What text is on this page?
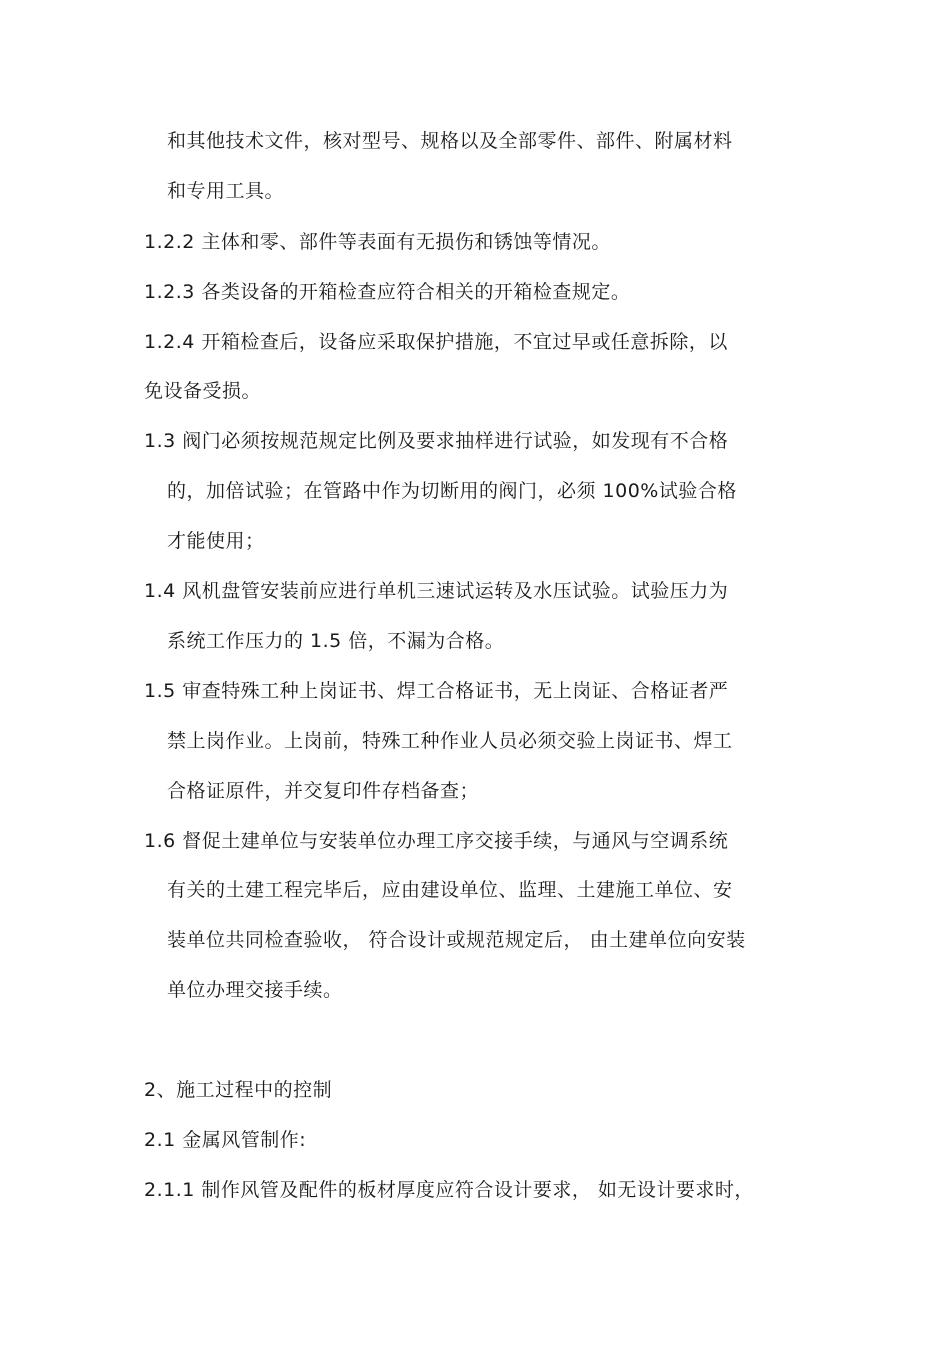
和其他技术文件，核对型号、规格以及全部零件、部件、附属材料
和专用工具。
1.2.2 主体和零、部件等表面有无损伤和锈蚀等情况。
1.2.3 各类设备的开箱检查应符合相关的开箱检查规定。
1.2.4 开箱检查后，设备应采取保护措施，不宜过早或任意拆除，以
免设备受损。
1.3 阀门必须按规范规定比例及要求抽样进行试验，如发现有不合格
的，加倍试验；在管路中作为切断用的阀门，必须 100%试验合格
才能使用；
1.4 风机盘管安装前应进行单机三速试运转及水压试验。试验压力为
系统工作压力的 1.5 倍，不漏为合格。
1.5 审查特殊工种上岗证书、焊工合格证书，无上岗证、合格证者严
禁上岗作业。上岗前，特殊工种作业人员必须交验上岗证书、焊工
合格证原件，并交复印件存档备查；
1.6 督促土建单位与安装单位办理工序交接手续，与通风与空调系统
有关的土建工程完毕后，应由建设单位、监理、土建施工单位、安
装单位共同检查验收， 符合设计或规范规定后， 由土建单位向安装
单位办理交接手续。
2、施工过程中的控制
2.1 金属风管制作:
2.1.1 制作风管及配件的板材厚度应符合设计要求， 如无设计要求时，
